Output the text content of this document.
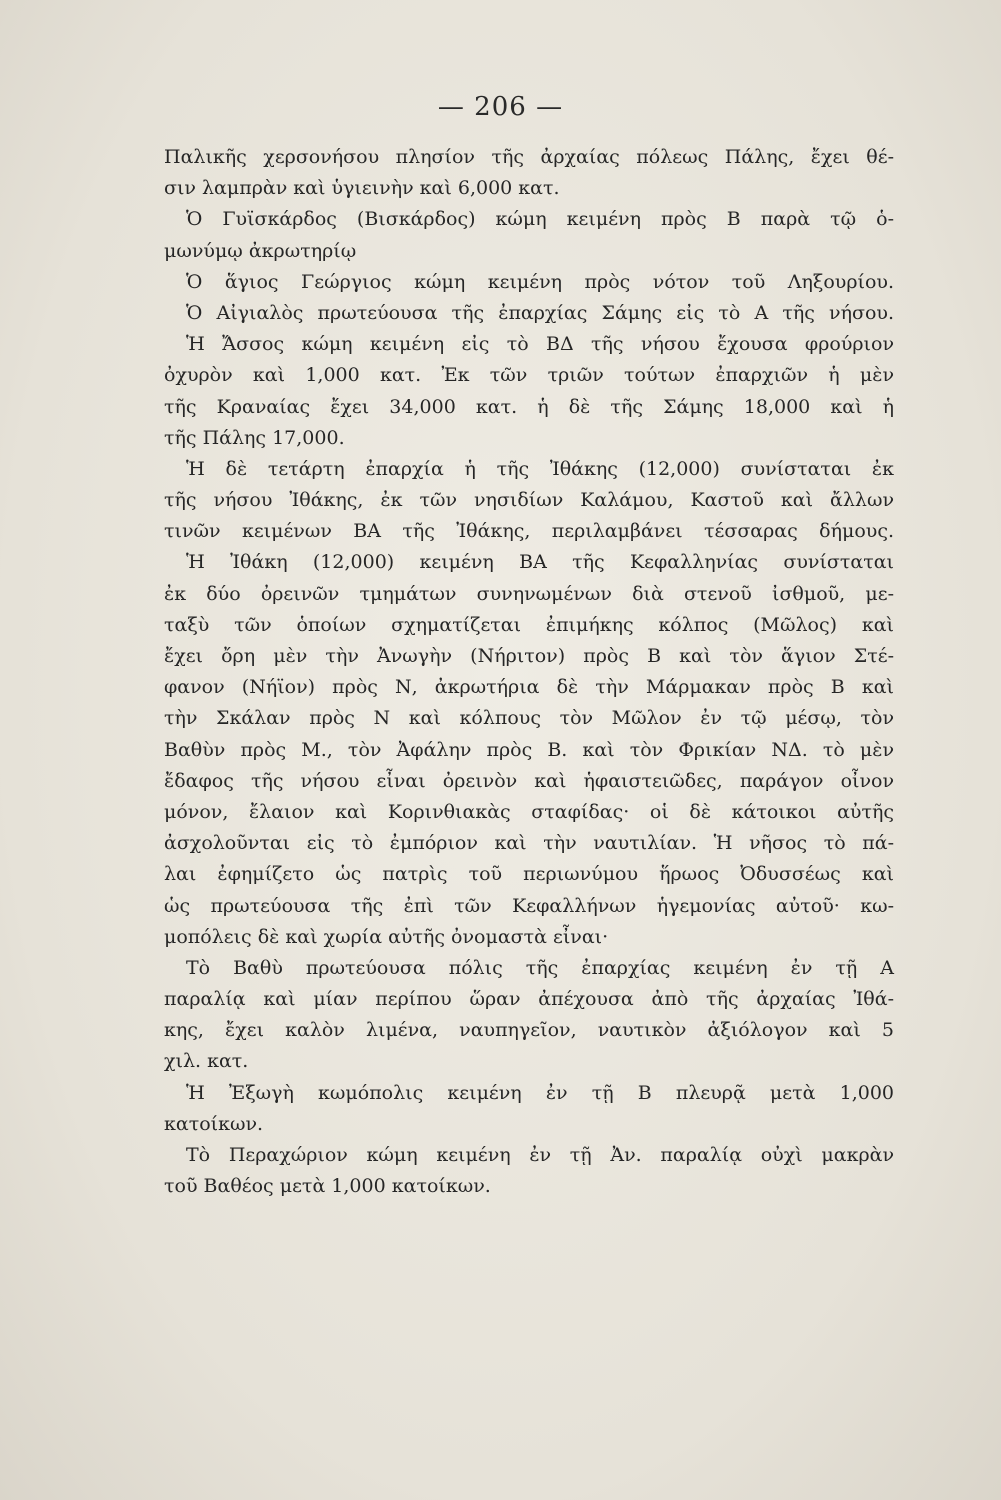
— 206 —
Παλικῆς χερσονήσου πλησίον τῆς ἀρχαίας πόλεως Πάλης, ἔχει θέ-
σιν λαμπρὰν καὶ ὑγιεινὴν καὶ 6,000 κατ.
Ὁ Γυϊσκάρδος (Βισκάρδος) κώμη κειμένη πρὸς Β παρὰ τῷ ὁ-
μωνύμῳ ἀκρωτηρίῳ
Ὁ ἅγιος Γεώργιος κώμη κειμένη πρὸς νότον τοῦ Ληξουρίου.
Ὁ Αἰγιαλὸς πρωτεύουσα τῆς ἐπαρχίας Σάμης εἰς τὸ Α τῆς νήσου.
Ἡ Ἄσσος κώμη κειμένη εἰς τὸ ΒΔ τῆς νήσου ἔχουσα φρούριον
ὀχυρὸν καὶ 1,000 κατ. Ἐκ τῶν τριῶν τούτων ἐπαρχιῶν ἡ μὲν
τῆς Κραναίας ἔχει 34,000 κατ. ἡ δὲ τῆς Σάμης 18,000 καὶ ἡ
τῆς Πάλης 17,000.
Ἡ δὲ τετάρτη ἐπαρχία ἡ τῆς Ἰθάκης (12,000) συνίσταται ἐκ
τῆς νήσου Ἰθάκης, ἐκ τῶν νησιδίων Καλάμου, Καστοῦ καὶ ἄλλων
τινῶν κειμένων ΒΑ τῆς Ἰθάκης, περιλαμβάνει τέσσαρας δήμους.
Ἡ Ἰθάκη (12,000) κειμένη ΒΑ τῆς Κεφαλληνίας συνίσταται
ἐκ δύο ὀρεινῶν τμημάτων συνηνωμένων διὰ στενοῦ ἰσθμοῦ, με-
ταξὺ τῶν ὁποίων σχηματίζεται ἐπιμήκης κόλπος (Μῶλος) καὶ
ἔχει ὄρη μὲν τὴν Ἀνωγὴν (Νήριτον) πρὸς Β καὶ τὸν ἅγιον Στέ-
φανον (Νήϊον) πρὸς Ν, ἀκρωτήρια δὲ τὴν Μάρμακαν πρὸς Β καὶ
τὴν Σκάλαν πρὸς Ν καὶ κόλπους τὸν Μῶλον ἐν τῷ μέσῳ, τὸν
Βαθὺν πρὸς Μ., τὸν Ἀφάλην πρὸς Β. καὶ τὸν Φρικίαν ΝΔ. τὸ μὲν
ἔδαφος τῆς νήσου εἶναι ὀρεινὸν καὶ ἡφαιστειῶδες, παράγον οἶνον
μόνον, ἔλαιον καὶ Κορινθιακὰς σταφίδας· οἱ δὲ κάτοικοι αὐτῆς
ἀσχολοῦνται εἰς τὸ ἐμπόριον καὶ τὴν ναυτιλίαν. Ἡ νῆσος τὸ πά-
λαι ἐφημίζετο ὡς πατρὶς τοῦ περιωνύμου ἥρωος Ὀδυσσέως καὶ
ὡς πρωτεύουσα τῆς ἐπὶ τῶν Κεφαλλήνων ἡγεμονίας αὐτοῦ· κω-
μοπόλεις δὲ καὶ χωρία αὐτῆς ὀνομαστὰ εἶναι·
Τὸ Βαθὺ πρωτεύουσα πόλις τῆς ἐπαρχίας κειμένη ἐν τῇ Α
παραλίᾳ καὶ μίαν περίπου ὥραν ἀπέχουσα ἀπὸ τῆς ἀρχαίας Ἰθά-
κης, ἔχει καλὸν λιμένα, ναυπηγεῖον, ναυτικὸν ἀξιόλογον καὶ 5
χιλ. κατ.
Ἡ Ἐξωγὴ κωμόπολις κειμένη ἐν τῇ Β πλευρᾷ μετὰ 1,000
κατοίκων.
Τὸ Περαχώριον κώμη κειμένη ἐν τῇ Ἀν. παραλίᾳ οὐχὶ μακρὰν
τοῦ Βαθέος μετὰ 1,000 κατοίκων.
